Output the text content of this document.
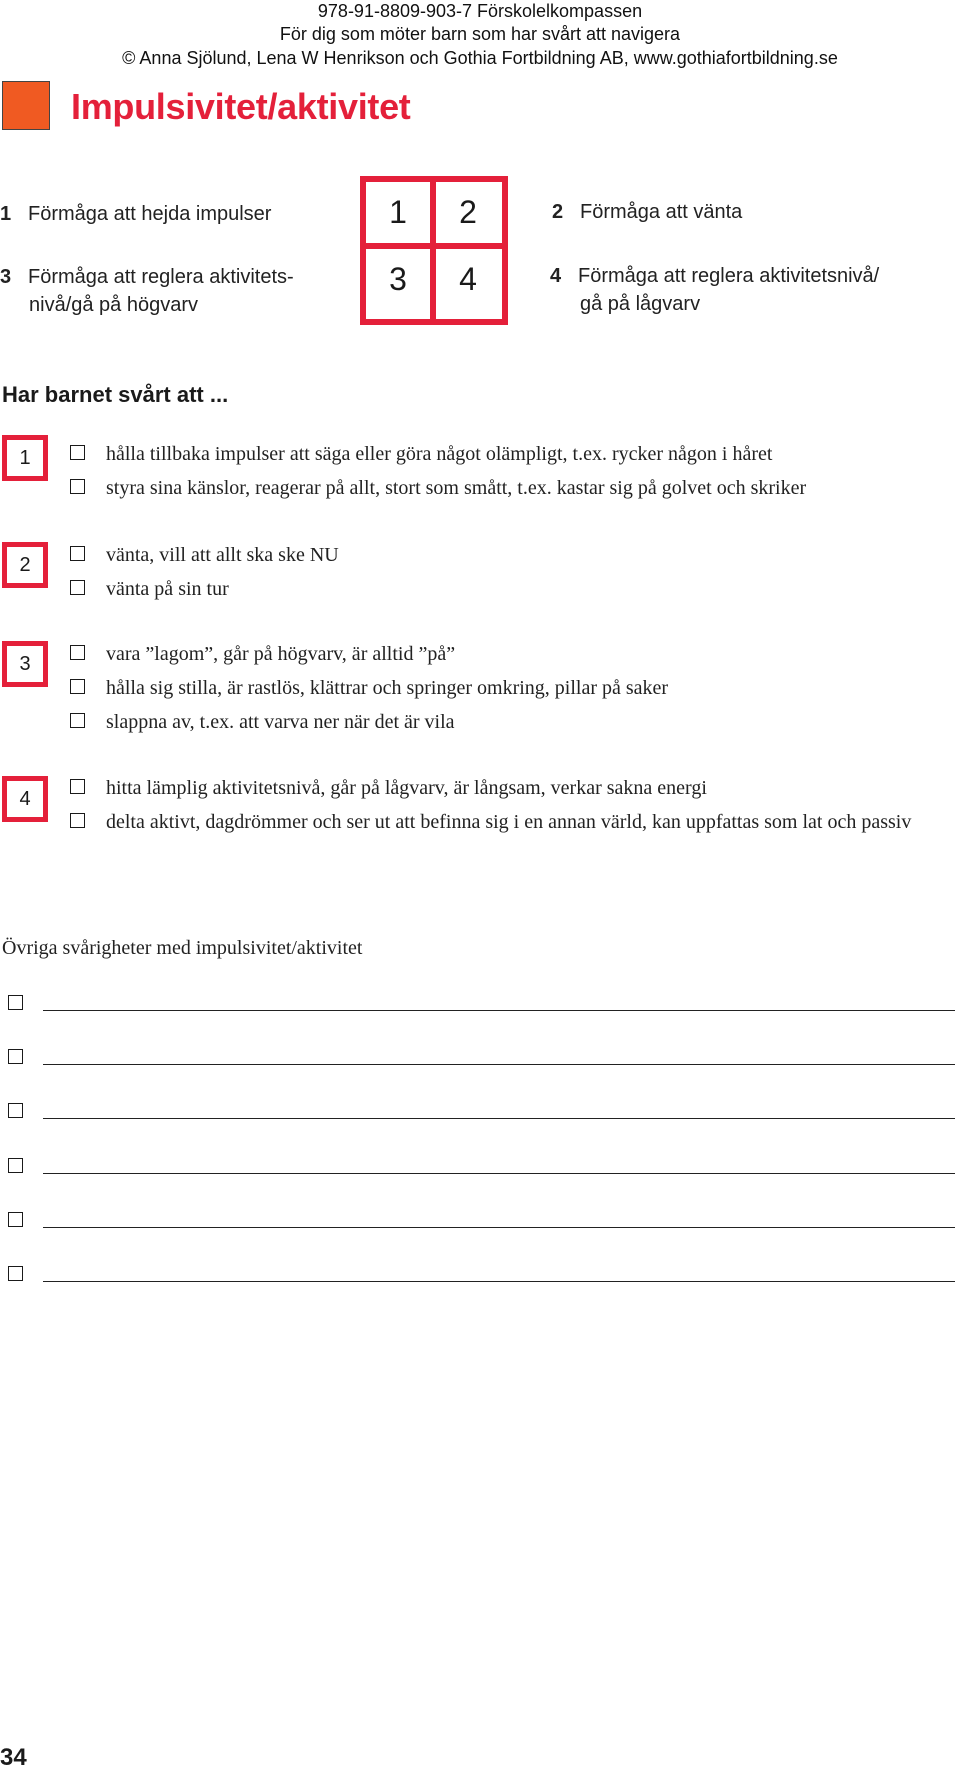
978-91-8809-903-7 Förskolelkompassen
För dig som möter barn som har svårt att navigera
© Anna Sjölund, Lena W Henrikson och Gothia Fortbildning AB, www.gothiafortbildning.se
Impulsivitet/aktivitet
1 Förmåga att hejda impulser	2 Förmåga att vänta
3 Förmåga att reglera aktivitets-
nivå/gå på högvarv
4 Förmåga att reglera aktivitetsnivå/
gå på lågvarv
1	2
3	4
Har barnet svårt att ...
1	hålla tillbaka impulser att säga eller göra något olämpligt, t.ex. rycker någon i håret
styra sina känslor, reagerar på allt, stort som smått, t.ex. kastar sig på golvet och skriker
2	vänta, vill att allt ska ske NU
vänta på sin tur
3	vara ”lagom”, går på högvarv, är alltid ”på”
hålla sig stilla, är rastlös, klättrar och springer omkring, pillar på saker
slappna av, t.ex. att varva ner när det är vila
4	hitta lämplig aktivitetsnivå, går på lågvarv, är långsam, verkar sakna energi
delta aktivt, dagdrömmer och ser ut att befinna sig i en annan värld, kan uppfattas som lat och passiv
Övriga svårigheter med impulsivitet/aktivitet
34
